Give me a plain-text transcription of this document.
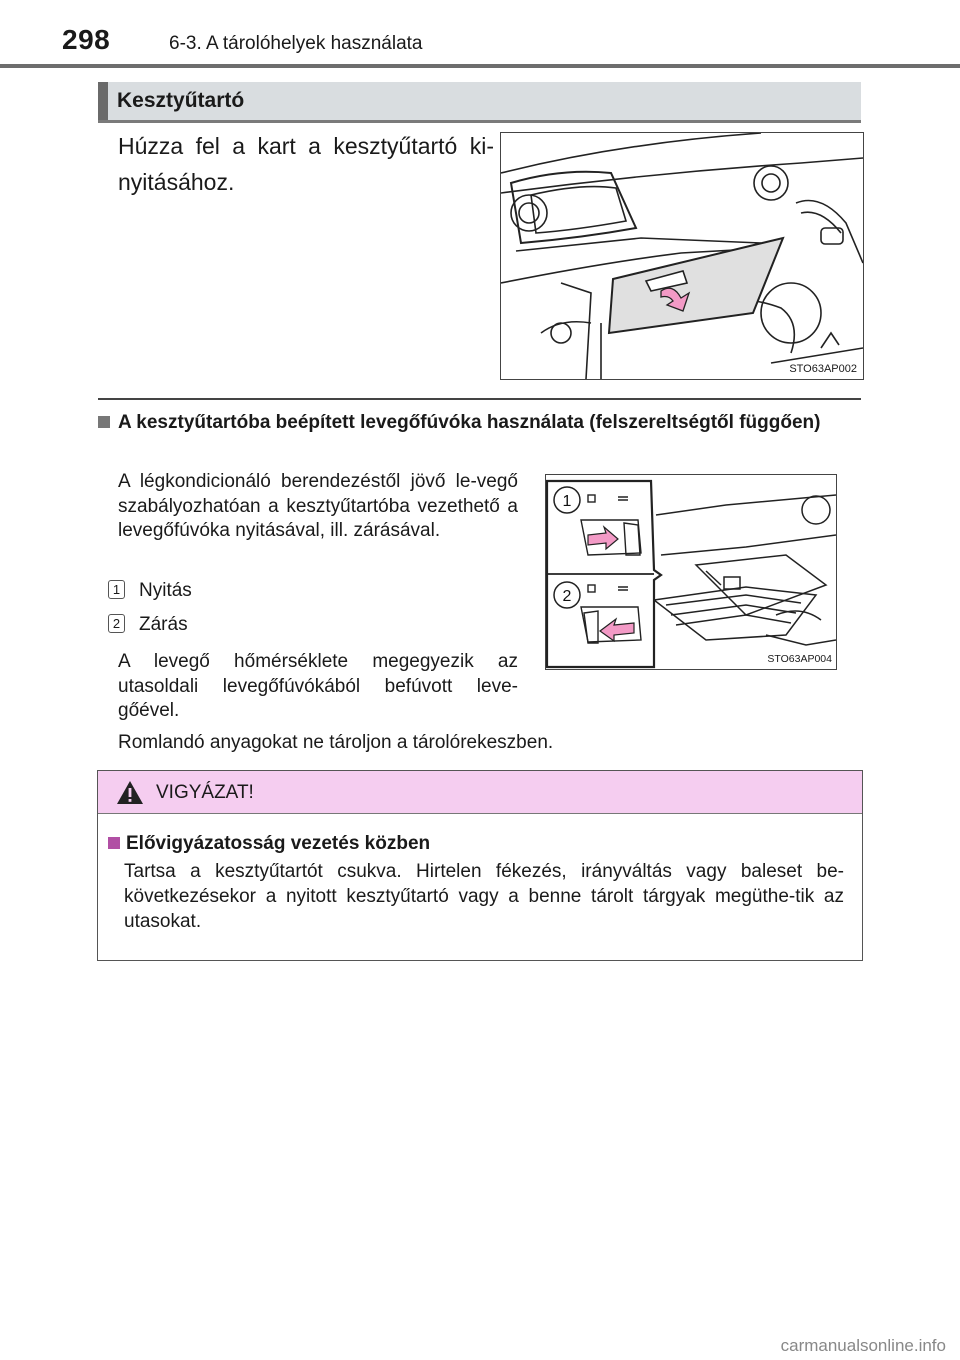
298	6-3. A tárolóhelyek használata
Kesztyűtartó
Húzza fel a kart a kesztyűtartó ki-nyitásához.
STO63AP002
A kesztyűtartóba beépített levegőfúvóka használata (felszereltségtől függően)
A légkondicionáló berendezéstől jövő le-vegő szabályozhatóan a kesztyűtartóba vezethető a levegőfúvóka nyitásával, ill. zárásával.
1 Nyitás
2 Zárás
A levegő hőmérséklete megegyezik az utasoldali levegőfúvókából befúvott leve-gőével.
1
2
STO63AP004
Romlandó anyagokat ne tároljon a tárolórekeszben.
VIGYÁZAT!
Elővigyázatosság vezetés közben
Tartsa a kesztyűtartót csukva. Hirtelen fékezés, irányváltás vagy baleset be-következésekor a nyitott kesztyűtartó vagy a benne tárolt tárgyak megüthe-tik az utasokat.
carmanualsonline.info
